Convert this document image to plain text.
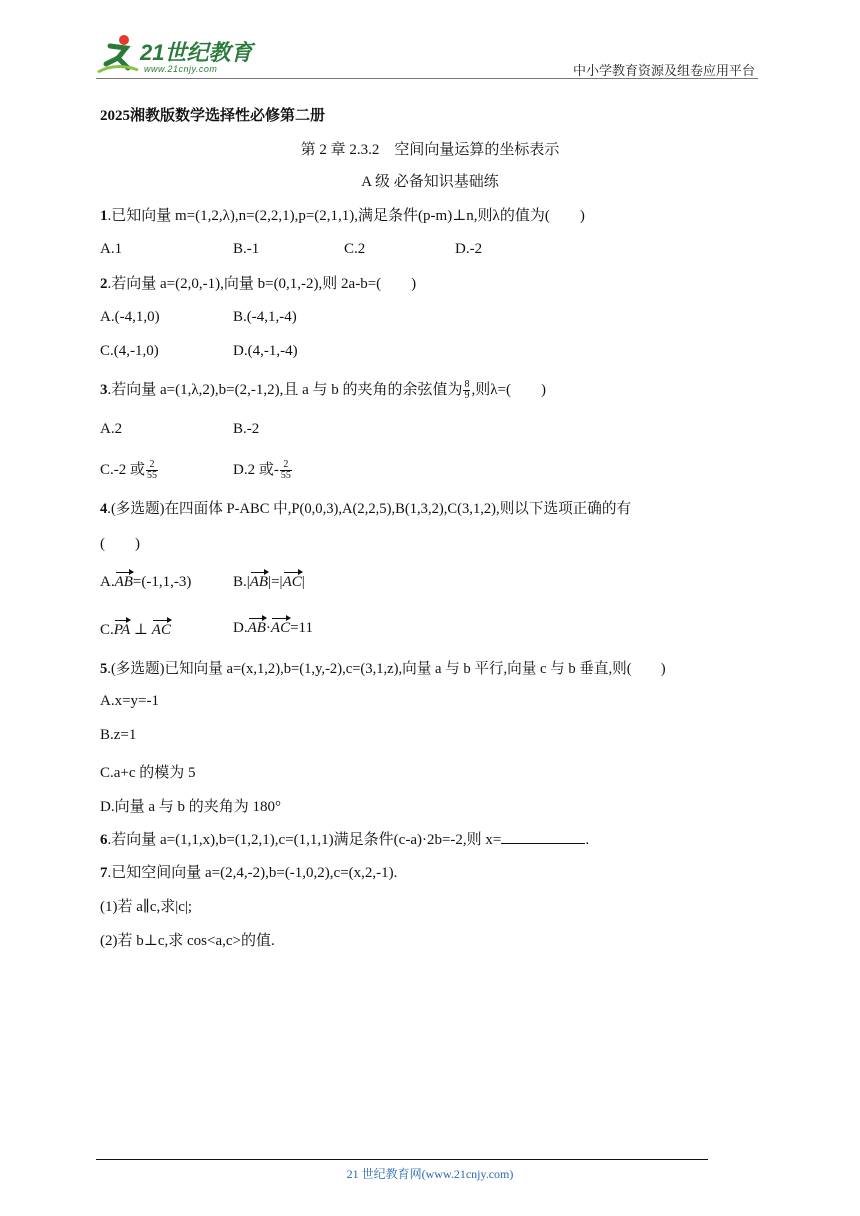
21世纪教育
www.21cnjy.com	中小学教育资源及组卷应用平台
2025湘教版数学选择性必修第二册
第 2 章 2.3.2　空间向量运算的坐标表示
A 级 必备知识基础练
1.已知向量 m=(1,2,λ),n=(2,2,1),p=(2,1,1),满足条件(p-m)⊥n,则λ的值为(　　)
A.1	B.-1	C.2	D.-2
2.若向量 a=(2,0,-1),向量 b=(0,1,-2),则 2a-b=(　　)
A.(-4,1,0)	B.(-4,1,-4)
C.(4,-1,0)	D.(4,-1,-4)
3.若向量 a=(1,λ,2),b=(2,-1,2),且 a 与 b 的夹角的余弦值为 $\frac{8}{9}$ ,则λ=(　　)
A.2	B.-2
C.-2 或 $\frac{2}{55}$	D.2 或- $\frac{2}{55}$
4.(多选题)在四面体 P-ABC 中,P(0,0,3),A(2,2,5),B(1,3,2),C(3,1,2),则以下选项正确的有
(　　)
A.AB=(-1,1,-3)	B.|AB|=|AC|
C.PA ⊥ AC	D.AB·AC=11
5.(多选题)已知向量 a=(x,1,2),b=(1,y,-2),c=(3,1,z),向量 a 与 b 平行,向量 c 与 b 垂直,则(　　)
A.x=y=-1
B.z=1
C.a+c 的模为 5
D.向量 a 与 b 的夹角为 180°
6.若向量 a=(1,1,x),b=(1,2,1),c=(1,1,1)满足条件(c-a)·2b=-2,则 x=	.
7.已知空间向量 a=(2,4,-2),b=(-1,0,2),c=(x,2,-1).
(1)若 a∥c,求|c|;
(2)若 b⊥c,求 cos<a,c>的值.
21 世纪教育网(www.21cnjy.com)
